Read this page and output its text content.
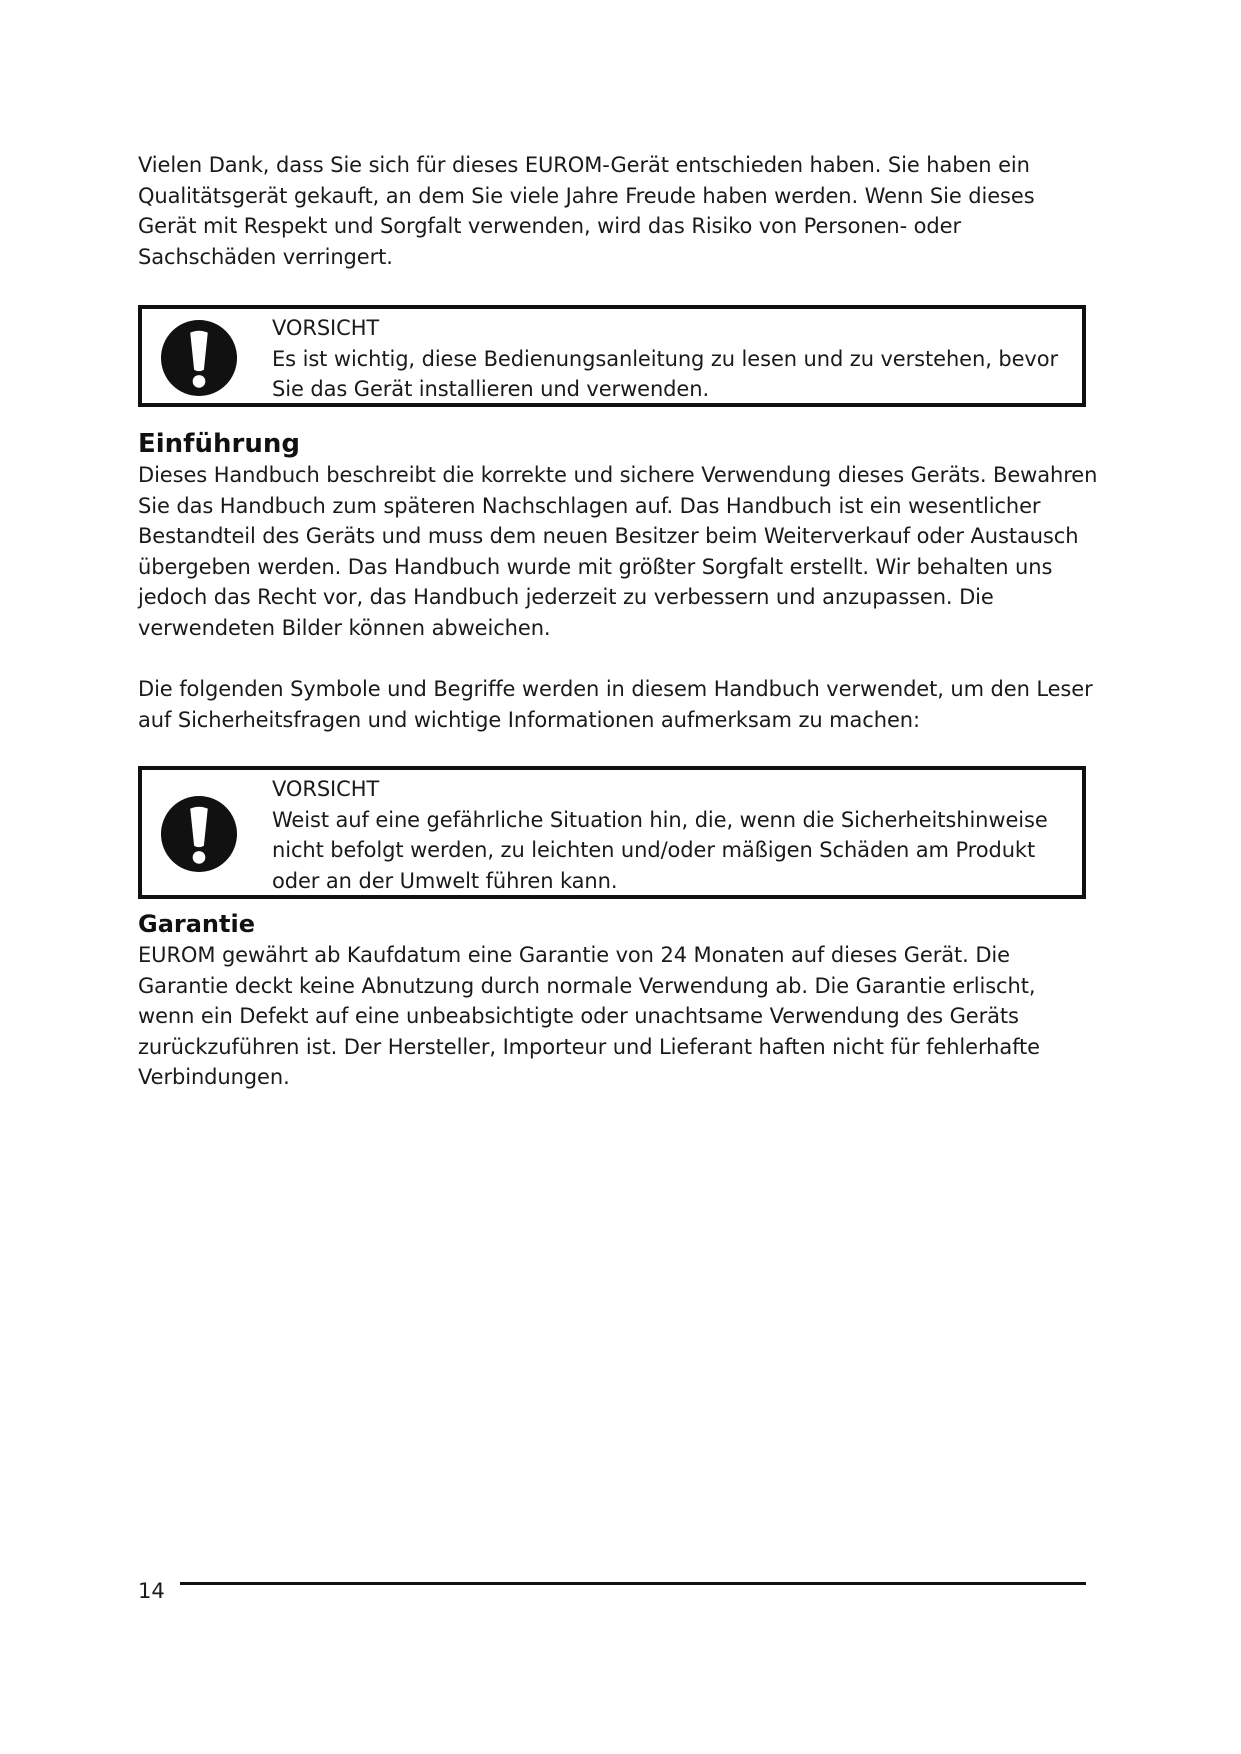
Vielen Dank, dass Sie sich für dieses EUROM-Gerät entschieden haben. Sie haben ein Qualitätsgerät gekauft, an dem Sie viele Jahre Freude haben werden. Wenn Sie dieses Gerät mit Respekt und Sorgfalt verwenden, wird das Risiko von Personen- oder Sachschäden verringert.

VORSICHT
Es ist wichtig, diese Bedienungsanleitung zu lesen und zu verstehen, bevor Sie das Gerät installieren und verwenden.

Einführung

Dieses Handbuch beschreibt die korrekte und sichere Verwendung dieses Geräts. Bewahren Sie das Handbuch zum späteren Nachschlagen auf. Das Handbuch ist ein wesentlicher Bestandteil des Geräts und muss dem neuen Besitzer beim Weiterverkauf oder Austausch übergeben werden. Das Handbuch wurde mit größter Sorgfalt erstellt. Wir behalten uns jedoch das Recht vor, das Handbuch jederzeit zu verbessern und anzupassen. Die verwendeten Bilder können abweichen.

Die folgenden Symbole und Begriffe werden in diesem Handbuch verwendet, um den Leser auf Sicherheitsfragen und wichtige Informationen aufmerksam zu machen:

VORSICHT
Weist auf eine gefährliche Situation hin, die, wenn die Sicherheitshinweise nicht befolgt werden, zu leichten und/oder mäßigen Schäden am Produkt oder an der Umwelt führen kann.

Garantie

EUROM gewährt ab Kaufdatum eine Garantie von 24 Monaten auf dieses Gerät. Die Garantie deckt keine Abnutzung durch normale Verwendung ab. Die Garantie erlischt, wenn ein Defekt auf eine unbeabsichtigte oder unachtsame Verwendung des Geräts zurückzuführen ist. Der Hersteller, Importeur und Lieferant haften nicht für fehlerhafte Verbindungen.

14
